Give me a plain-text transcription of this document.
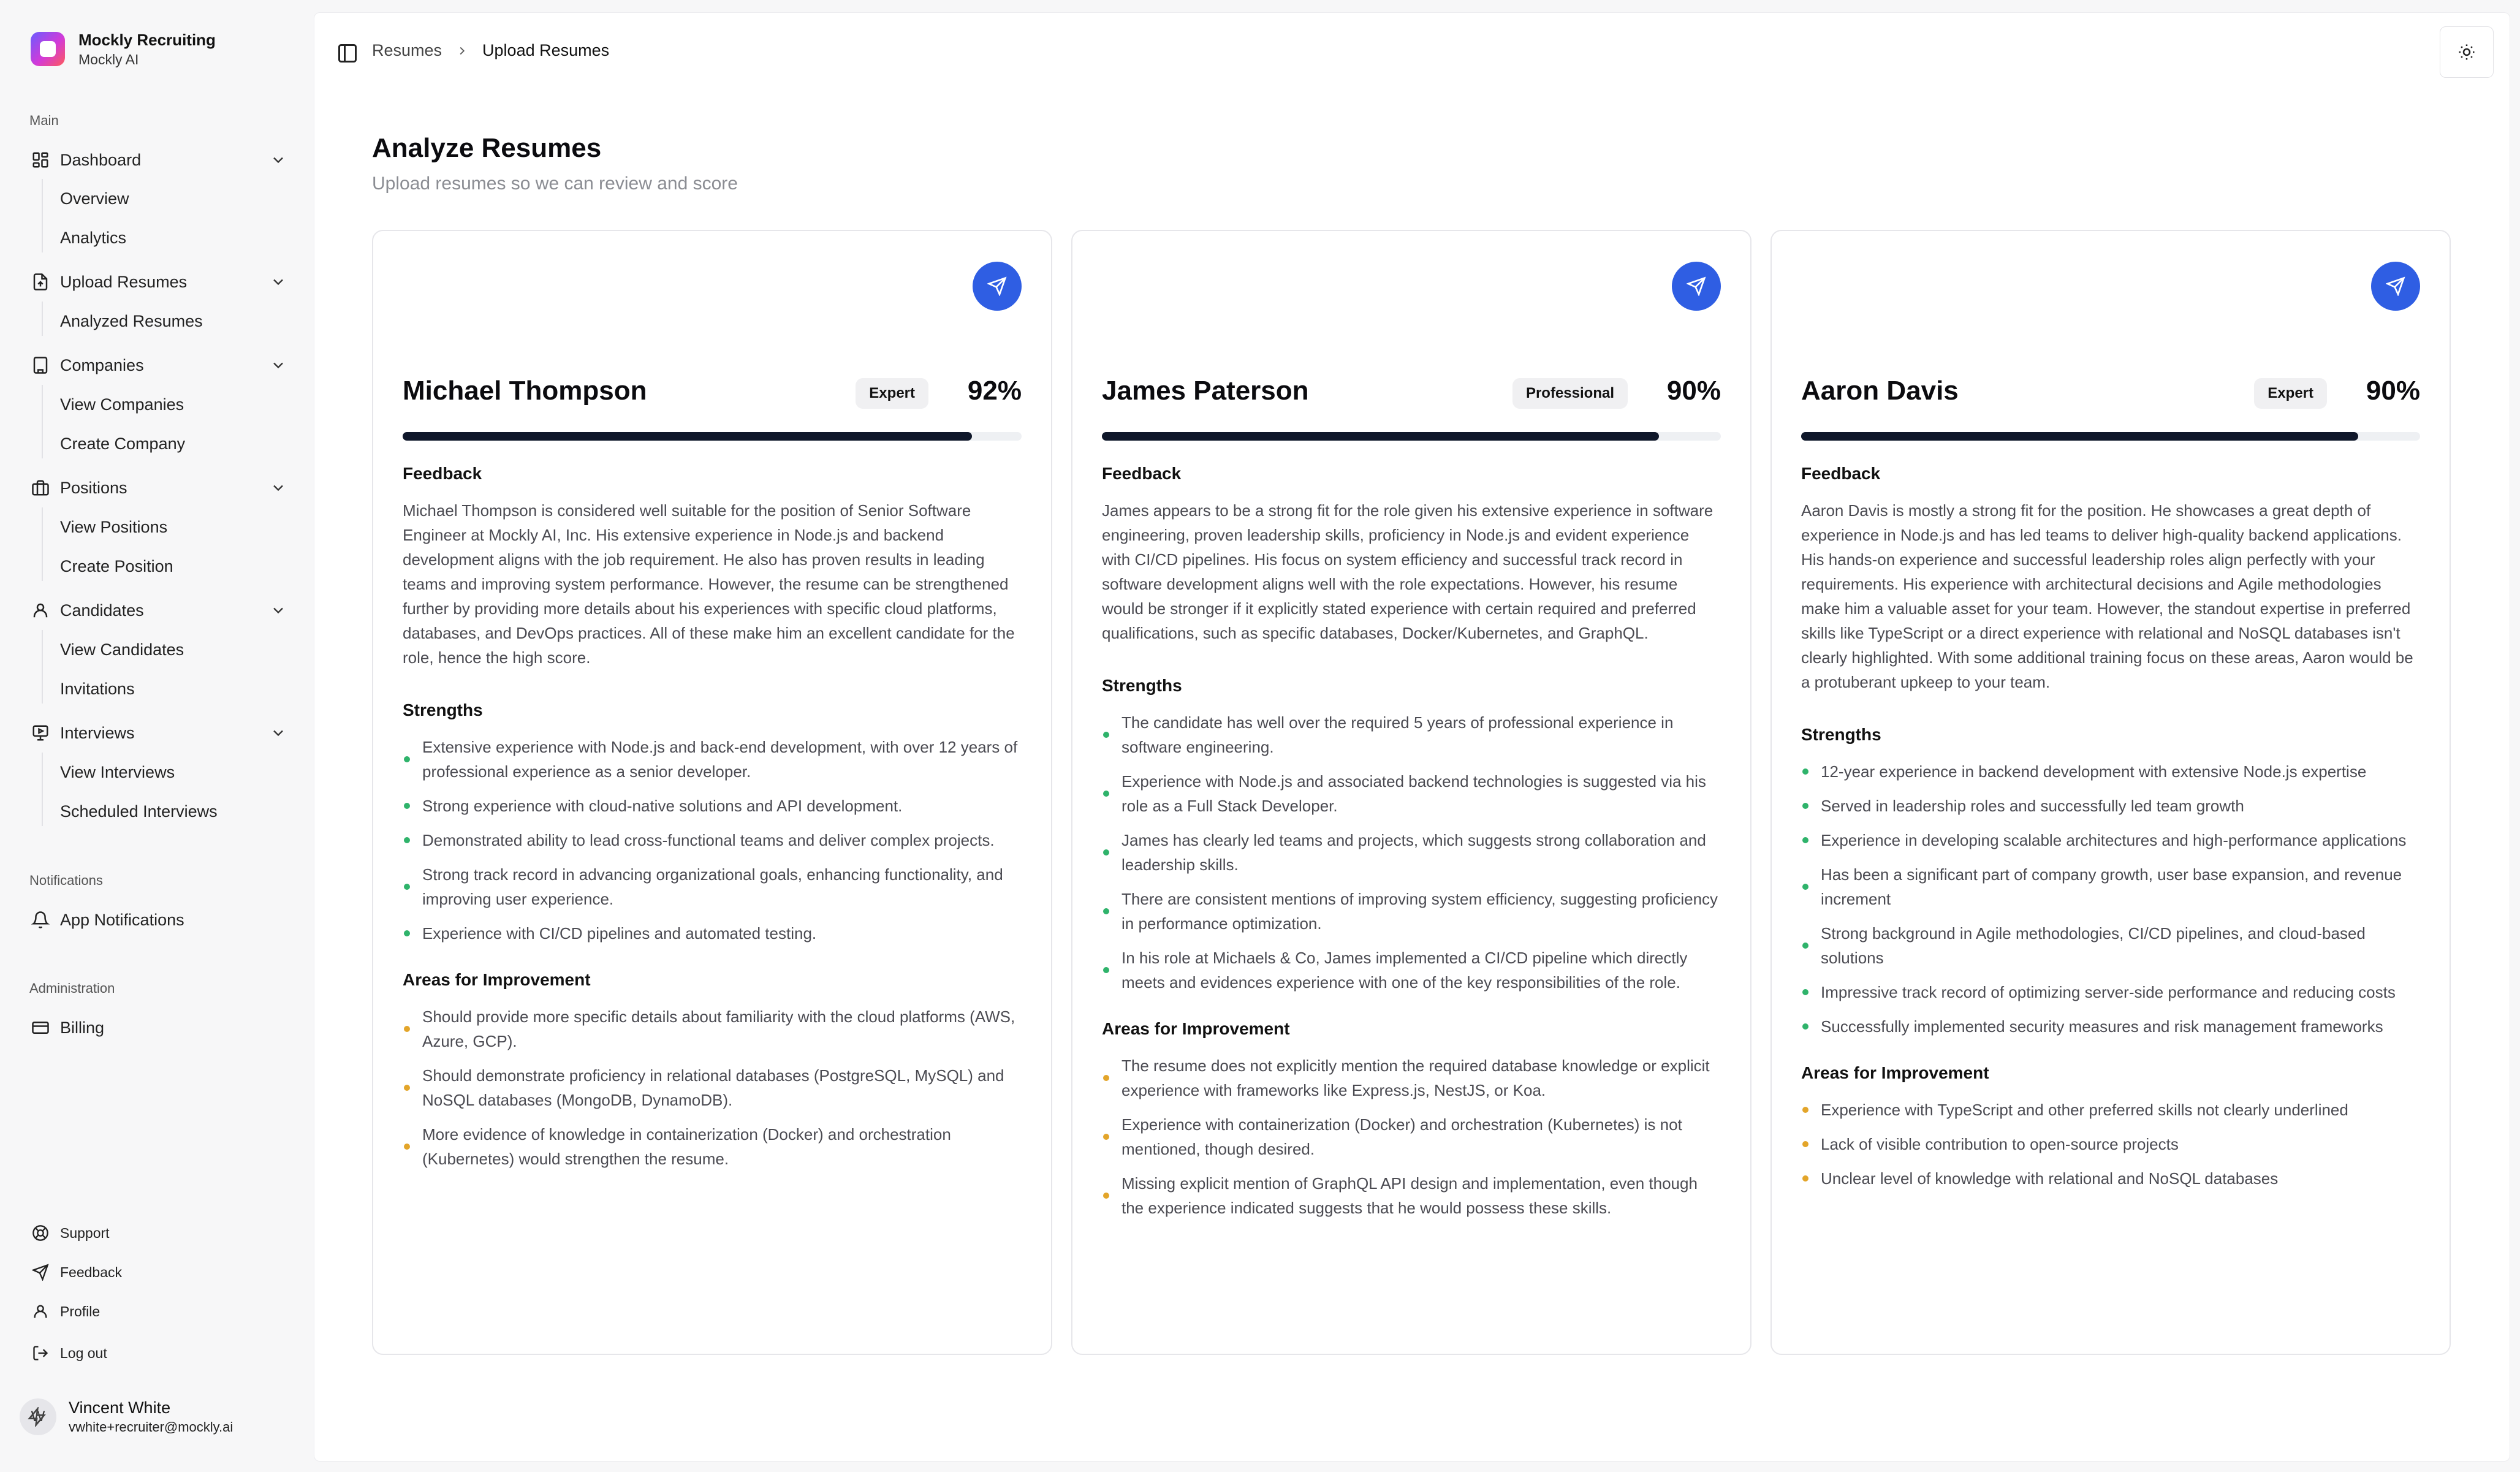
Mockly Recruiting
Mockly AI
Main
Dashboard
Overview
Analytics
Upload Resumes
Analyzed Resumes
Companies
View Companies
Create Company
Positions
View Positions
Create Position
Candidates
View Candidates
Invitations
Interviews
View Interviews
Scheduled Interviews
Notifications
App Notifications
Administration
Billing
Support
Feedback
Profile
Log out
W Vincent White
vwhite+recruiter@mockly.ai
Resumes Upload Resumes
Analyze Resumes
Upload resumes so we can review and score
Michael Thompson	Expert	92%
Feedback

Michael Thompson is considered well suitable for the position of Senior Software Engineer at Mockly AI, Inc. His extensive experience in Node.js and backend development aligns with the job requirement. He also has proven results in leading teams and improving system performance. However, the resume can be strengthened further by providing more details about his experiences with specific cloud platforms, databases, and DevOps practices. All of these make him an excellent candidate for the role, hence the high score.

Strengths
Extensive experience with Node.js and back-end development, with over 12 years of professional experience as a senior developer.
Strong experience with cloud-native solutions and API development.
Demonstrated ability to lead cross-functional teams and deliver complex projects.
Strong track record in advancing organizational goals, enhancing functionality, and improving user experience.
Experience with CI/CD pipelines and automated testing.
Areas for Improvement
Should provide more specific details about familiarity with the cloud platforms (AWS, Azure, GCP).
Should demonstrate proficiency in relational databases (PostgreSQL, MySQL) and NoSQL databases (MongoDB, DynamoDB).
More evidence of knowledge in containerization (Docker) and orchestration (Kubernetes) would strengthen the resume.
James Paterson	Professional	90%
Feedback

James appears to be a strong fit for the role given his extensive experience in software engineering, proven leadership skills, proficiency in Node.js and evident experience with CI/CD pipelines. His focus on system efficiency and successful track record in software development aligns well with the role expectations. However, his resume would be stronger if it explicitly stated experience with certain required and preferred qualifications, such as specific databases, Docker/Kubernetes, and GraphQL.

Strengths
The candidate has well over the required 5 years of professional experience in software engineering.
Experience with Node.js and associated backend technologies is suggested via his role as a Full Stack Developer.
James has clearly led teams and projects, which suggests strong collaboration and leadership skills.
There are consistent mentions of improving system efficiency, suggesting proficiency in performance optimization.
In his role at Michaels & Co, James implemented a CI/CD pipeline which directly meets and evidences experience with one of the key responsibilities of the role.
Areas for Improvement
The resume does not explicitly mention the required database knowledge or explicit experience with frameworks like Express.js, NestJS, or Koa.
Experience with containerization (Docker) and orchestration (Kubernetes) is not mentioned, though desired.
Missing explicit mention of GraphQL API design and implementation, even though the experience indicated suggests that he would possess these skills.
Aaron Davis	Expert	90%
Feedback

Aaron Davis is mostly a strong fit for the position. He showcases a great depth of experience in Node.js and has led teams to deliver high-quality backend applications. His hands-on experience and successful leadership roles align perfectly with your requirements. His experience with architectural decisions and Agile methodologies make him a valuable asset for your team. However, the standout expertise in preferred skills like TypeScript or a direct experience with relational and NoSQL databases isn't clearly highlighted. With some additional training focus on these areas, Aaron would be a protuberant upkeep to your team.

Strengths
12-year experience in backend development with extensive Node.js expertise
Served in leadership roles and successfully led team growth
Experience in developing scalable architectures and high-performance applications
Has been a significant part of company growth, user base expansion, and revenue increment
Strong background in Agile methodologies, CI/CD pipelines, and cloud-based solutions
Impressive track record of optimizing server-side performance and reducing costs
Successfully implemented security measures and risk management frameworks
Areas for Improvement
Experience with TypeScript and other preferred skills not clearly underlined
Lack of visible contribution to open-source projects
Unclear level of knowledge with relational and NoSQL databases
